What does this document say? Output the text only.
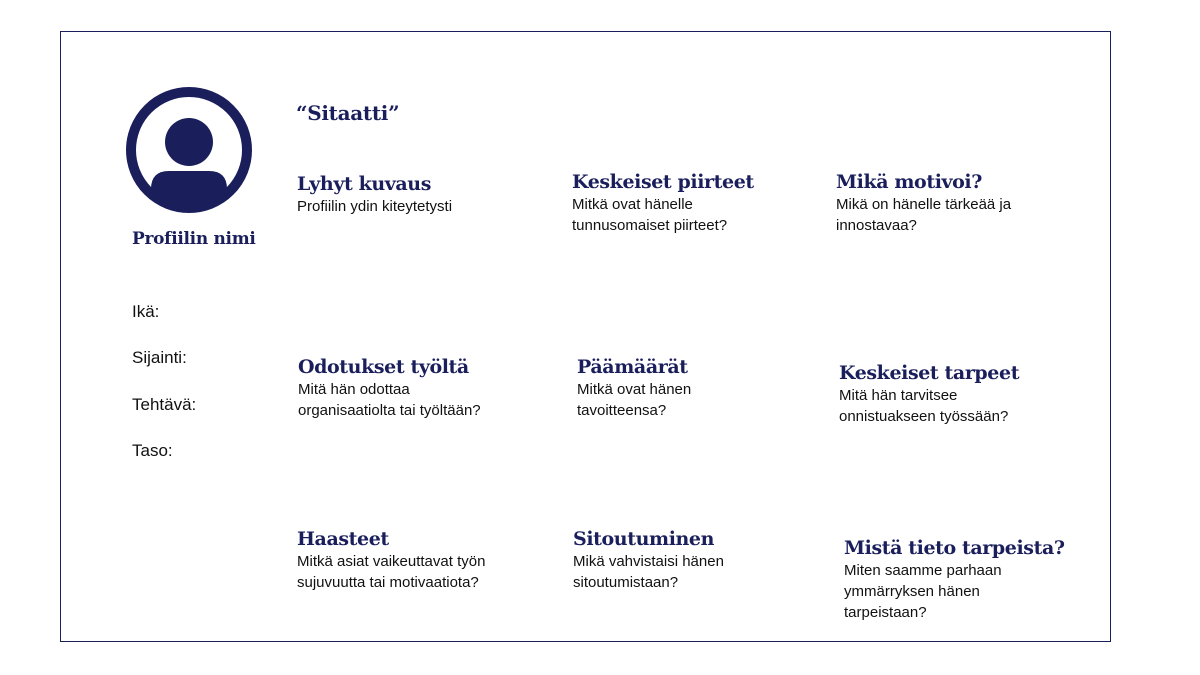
Profiilin nimi
“Sitaatti”
Ikä:
Sijainti:
Tehtävä:
Taso:
Lyhyt kuvaus
Profiilin ydin kiteytetysti
Keskeiset piirteet
Mitkä ovat hänelle
tunnusomaiset piirteet?
Mikä motivoi?
Mikä on hänelle tärkeää ja
innostavaa?
Odotukset työltä
Mitä hän odottaa
organisaatiolta tai työltään?
Päämäärät
Mitkä ovat hänen
tavoitteensa?
Keskeiset tarpeet
Mitä hän tarvitsee
onnistuakseen työssään?
Haasteet
Mitkä asiat vaikeuttavat työn
sujuvuutta tai motivaatiota?
Sitoutuminen
Mikä vahvistaisi hänen
sitoutumistaan?
Mistä tieto tarpeista?
Miten saamme parhaan
ymmärryksen hänen
tarpeistaan?
